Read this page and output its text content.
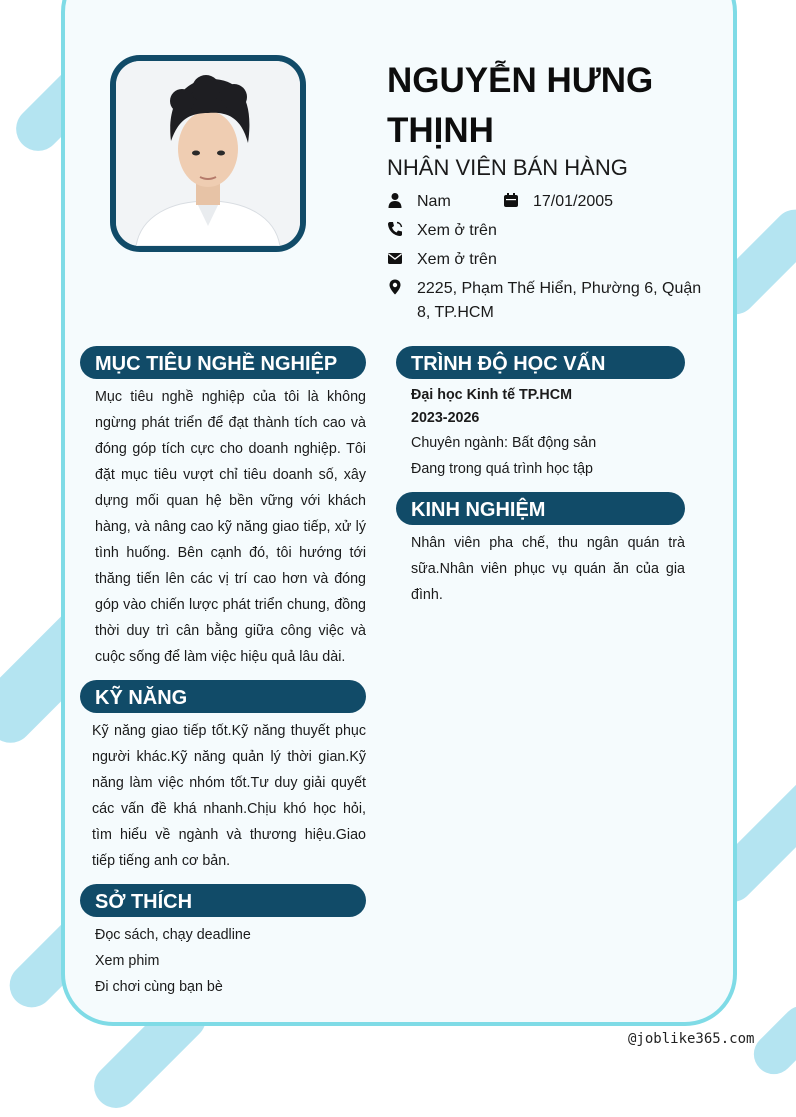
NGUYỄN HƯNG THỊNH
NHÂN VIÊN BÁN HÀNG
Nam	17/01/2005
Xem ở trên
Xem ở trên
2225, Phạm Thế Hiển, Phường 6, Quận 8, TP.HCM
MỤC TIÊU NGHỀ NGHIỆP
Mục tiêu nghề nghiệp của tôi là không ngừng phát triển để đạt thành tích cao và đóng góp tích cực cho doanh nghiệp. Tôi đặt mục tiêu vượt chỉ tiêu doanh số, xây dựng mối quan hệ bền vững với khách hàng, và nâng cao kỹ năng giao tiếp, xử lý tình huống. Bên cạnh đó, tôi hướng tới thăng tiến lên các vị trí cao hơn và đóng góp vào chiến lược phát triển chung, đồng thời duy trì cân bằng giữa công việc và cuộc sống để làm việc hiệu quả lâu dài.
KỸ NĂNG
Kỹ năng giao tiếp tốt.Kỹ năng thuyết phục người khác.Kỹ năng quản lý thời gian.Kỹ năng làm việc nhóm tốt.Tư duy giải quyết các vấn đề khá nhanh.Chịu khó học hỏi, tìm hiểu về ngành và thương hiệu.Giao tiếp tiếng anh cơ bản.
SỞ THÍCH
Đọc sách, chạy deadline
Xem phim
Đi chơi cùng bạn bè
TRÌNH ĐỘ HỌC VẤN
Đại học Kinh tế TP.HCM
2023-2026
Chuyên ngành: Bất động sản
Đang trong quá trình học tập
KINH NGHIỆM
Nhân viên pha chế, thu ngân quán trà sữa.Nhân viên phục vụ quán ăn của gia đình.
@joblike365.com
